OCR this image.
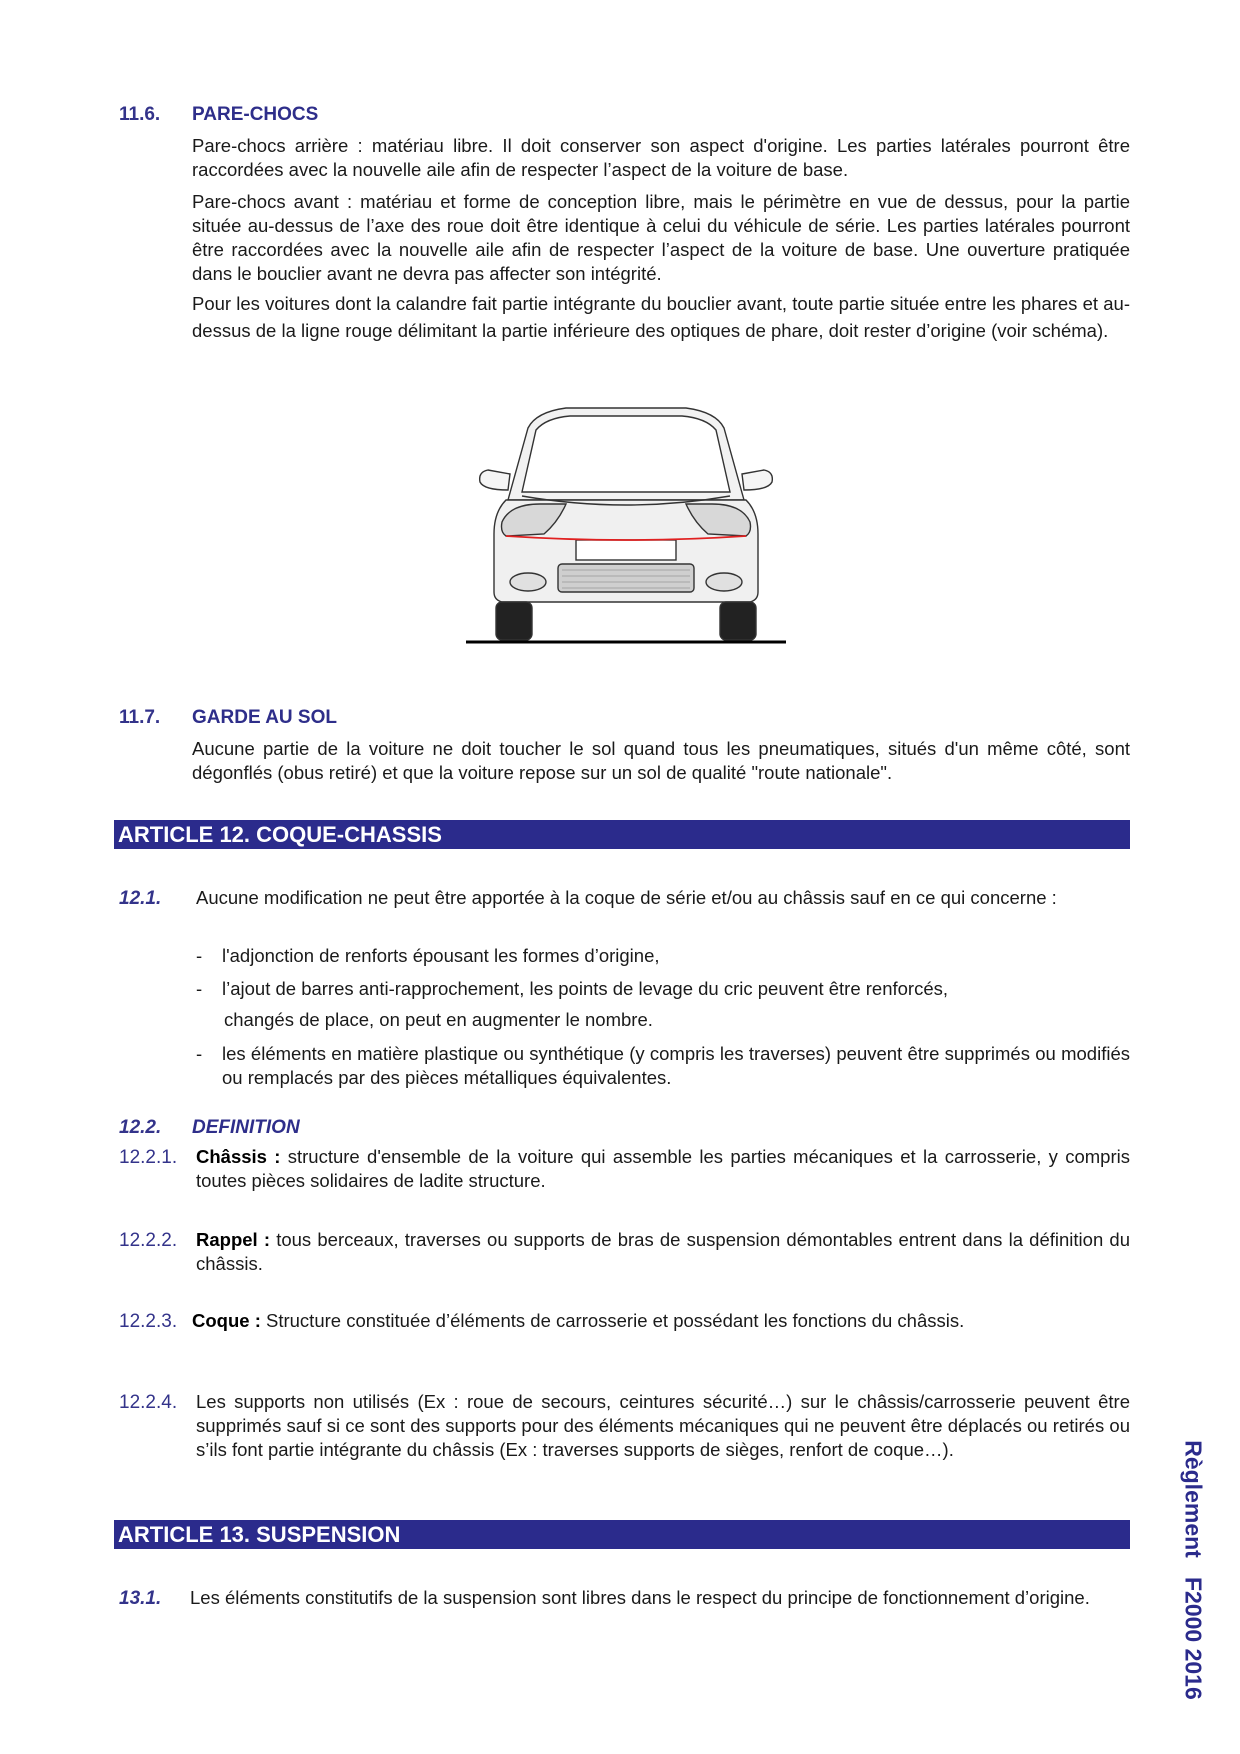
11.6. PARE-CHOCS

Pare-chocs arrière : matériau libre. Il doit conserver son aspect d'origine. Les parties latérales pourront être raccordées avec la nouvelle aile afin de respecter l’aspect de la voiture de base.

Pare-chocs avant : matériau et forme de conception libre, mais le périmètre en vue de dessus, pour la partie située au-dessus de l’axe des roue doit être identique à celui du véhicule de série. Les parties latérales pourront être raccordées avec la nouvelle aile afin de respecter l’aspect de la voiture de base. Une ouverture pratiquée dans le bouclier avant ne devra pas affecter son intégrité.

Pour les voitures dont la calandre fait partie intégrante du bouclier avant, toute partie située entre les phares et au-dessus de la ligne rouge délimitant la partie inférieure des optiques de phare, doit rester d’origine (voir schéma).

11.7. GARDE AU SOL

Aucune partie de la voiture ne doit toucher le sol quand tous les pneumatiques, situés d'un même côté, sont dégonflés (obus retiré) et que la voiture repose sur un sol de qualité "route nationale".

ARTICLE 12. COQUE-CHASSIS
12.1. Aucune modification ne peut être apportée à la coque de série et/ou au châssis sauf en ce qui concerne :

- l'adjonction de renforts épousant les formes d’origine,

- l’ajout de barres anti-rapprochement, les points de levage du cric peuvent être renforcés,

changés de place, on peut en augmenter le nombre.

- les éléments en matière plastique ou synthétique (y compris les traverses) peuvent être supprimés ou modifiés ou remplacés par des pièces métalliques équivalentes.

12.2. DEFINITION
12.2.1. Châssis : structure d'ensemble de la voiture qui assemble les parties mécaniques et la carrosserie, y compris toutes pièces solidaires de ladite structure.

12.2.2. Rappel : tous berceaux, traverses ou supports de bras de suspension démontables entrent dans la définition du châssis.

12.2.3. Coque : Structure constituée d’éléments de carrosserie et possédant les fonctions du châssis.

12.2.4. Les supports non utilisés (Ex : roue de secours, ceintures sécurité…) sur le châssis/carrosserie peuvent être supprimés sauf si ce sont des supports pour des éléments mécaniques qui ne peuvent être déplacés ou retirés ou s’ils font partie intégrante du châssis (Ex : traverses supports de sièges, renfort de coque…).

ARTICLE 13. SUSPENSION
13.1. Les éléments constitutifs de la suspension sont libres dans le respect du principe de fonctionnement d’origine.	Règlement   F2000 2016
